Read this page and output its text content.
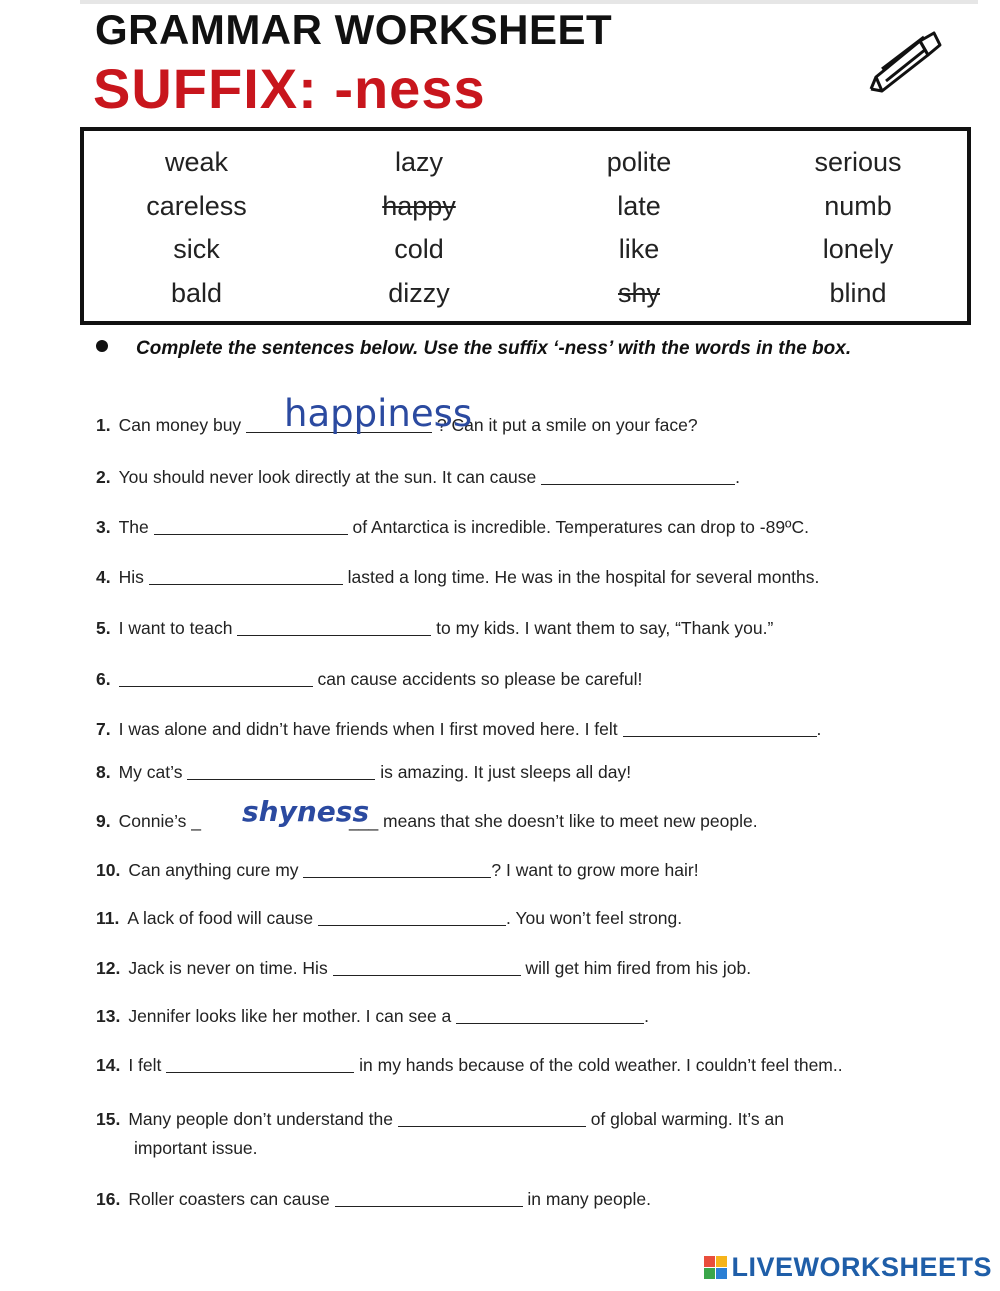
GRAMMAR WORKSHEET
SUFFIX: -ness
weak	lazy	polite	serious
careless	happy	late	numb
sick	cold	like	lonely
bald	dizzy	shy	blind
Complete the sentences below. Use the suffix ‘-ness’ with the words in the box.
1. Can money buy	? Can it put a smile on your face?
happiness
2. You should never look directly at the sun. It can cause	.
3. The	of Antarctica is incredible. Temperatures can drop to -89ºC.
4. His	lasted a long time. He was in the hospital for several months.
5. I want to teach	to my kids. I want them to say, “Thank you.”
6.	can cause accidents so please be careful!
7. I was alone and didn’t have friends when I first moved here. I felt	.
8. My cat’s	is amazing. It just sleeps all day!
9. Connie’s _	___ means that she doesn’t like to meet new people.
shyness
10. Can anything cure my	? I want to grow more hair!
11. A lack of food will cause	. You won’t feel strong.
12. Jack is never on time. His	will get him fired from his job.
13. Jennifer looks like her mother. I can see a	.
14. I felt	in my hands because of the cold weather. I couldn’t feel them..
15. Many people don’t understand the	of global warming. It’s an
important issue.
16. Roller coasters can cause	in many people.
LIVEWORKSHEETS
